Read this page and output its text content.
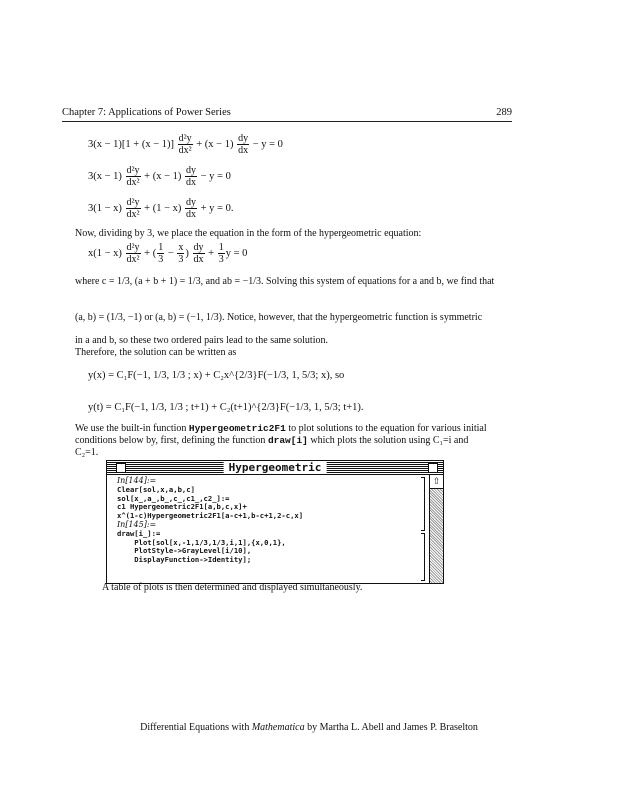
Chapter 7: Applications of Power Series	289
$3(x - 1)[1 + (x - 1)] \frac{\text{d²y}}{\text{dx²}} + (x - 1) \frac{dy}{dx} - y = 0$
$3(x - 1) \frac{\text{d²y}}{\text{dx²}} + (x - 1) \frac{dy}{dx} - y = 0$
$3(1 - x) \frac{\text{d²y}}{\text{dx²}} + (1 - x) \frac{dy}{dx} + y = 0$.
Now, dividing by 3, we place the equation in the form of the hypergeometric equation:
$x(1 - x) \frac{\text{d²y}}{\text{dx²}}$ + ( $\frac{1}{3} - \frac{x}{3}$ ) $\frac{dy}{dx} + \frac{1}{3}$ y = 0
where c = 1/3, (a + b + 1) = 1/3, and ab = −1/3. Solving this system of equations for a and b, we find that
(a, b) = (1/3, −1) or (a, b) = (−1, 1/3). Notice, however, that the hypergeometric function is symmetric
in a and b, so these two ordered pairs lead to the same solution.
Therefore, the solution can be written as
y(x) = C₁F(−1, 1/3, 1/3 ; x) + C₂x^{2/3}F(−1/3, 1, 5/3; x), so
y(t) = C₁F(−1, 1/3, 1/3 ; t+1) + C₂(t+1)^{2/3}F(−1/3, 1, 5/3; t+1).
We use the built-in function Hypergeometric2F1 to plot solutions to the equation for various initial
conditions below by, first, defining the function draw[i] which plots the solution using C₁=i and
C₂=1.
Hypergeometric
⇧
In[144]:=
Clear[sol,x,a,b,c]
sol[x_,a_,b_,c_,c1_,c2_]:=
c1 Hypergeometric2F1[a,b,c,x]+
x^(1-c)Hypergeometric2F1[a-c+1,b-c+1,2-c,x]
In[145]:=
draw[i_]:=
Plot[sol[x,-1,1/3,1/3,i,1],{x,0,1},
PlotStyle->GrayLevel[i/10],
DisplayFunction->Identity];
A table of plots is then determined and displayed simultaneously.
Differential Equations with Mathematica by Martha L. Abell and James P. Braselton
